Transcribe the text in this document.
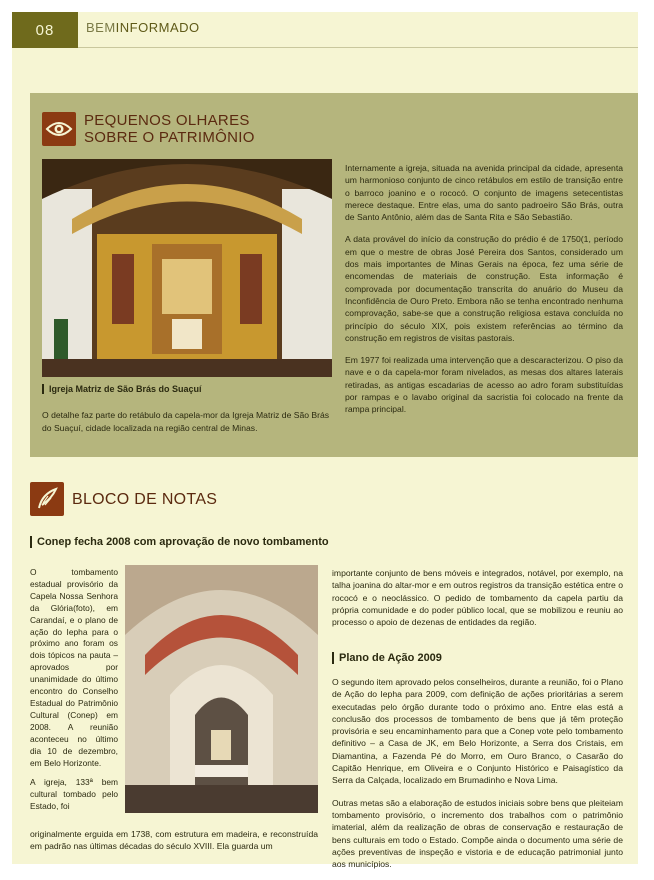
08	BEMINFORMADO
PEQUENOS OLHARES
SOBRE O PATRIMÔNIO
Igreja Matriz de São Brás do Suaçuí
O detalhe faz parte do retábulo da capela-mor da Igreja Matriz de São Brás do Suaçuí, cidade localizada na região central de Minas.

Internamente a igreja, situada na avenida principal da cidade, apresenta um harmonioso conjunto de cinco retábulos em estilo de transição entre o barroco joanino e o rococó. O conjunto de imagens setecentistas merece destaque. Entre elas, uma do santo padroeiro São Brás, outra de Santo Antônio, além das de Santa Rita e São Sebastião.

A data provável do início da construção do prédio é de 1750(1, período em que o mestre de obras José Pereira dos Santos, considerado um dos mais importantes de Minas Gerais na época, fez uma série de encomendas de materiais de construção. Esta informação é comprovada por documentação transcrita do anuário do Museu da Inconfidência de Ouro Preto. Embora não se tenha encontrado nenhuma comprovação, sabe-se que a construção religiosa estava concluída no princípio do século XIX, pois existem referências ao término da construção em registros de visitas pastorais.

Em 1977 foi realizada uma intervenção que a descaracterizou. O piso da nave e o da capela-mor foram nivelados, as mesas dos altares laterais retiradas, as antigas escadarias de acesso ao adro foram substituídas por rampas e o lavabo original da sacristia foi colocado na frente da rampa principal.

BLOCO DE NOTAS
Conep fecha 2008 com aprovação de novo tombamento

O tombamento estadual provisório da Capela Nossa Senhora da Glória(foto), em Carandaí, e o plano de ação do Iepha para o próximo ano foram os dois tópicos na pauta – aprovados por unanimidade do último encontro do Conselho Estadual do Patrimônio Cultural (Conep) em 2008. A reunião aconteceu no último dia 10 de dezembro, em Belo Horizonte.

A igreja, 133ª bem cultural tombado pelo Estado, foi

originalmente erguida em 1738, com estrutura em madeira, e reconstruída em padrão nas últimas décadas do século XVIII. Ela guarda um
importante conjunto de bens móveis e integrados, notável, por exemplo, na talha joanina do altar-mor e em outros registros da transição estética entre o rococó e o neoclássico. O pedido de tombamento da capela partiu da própria comunidade e do poder público local, que se mobilizou e reuniu ao processo o apoio de dezenas de entidades da região.
Plano de Ação 2009

O segundo item aprovado pelos conselheiros, durante a reunião, foi o Plano de Ação do Iepha para 2009, com definição de ações prioritárias a serem executadas pelo órgão durante todo o próximo ano. Entre elas está a conclusão dos processos de tombamento de bens que já têm proteção provisória e seu encaminhamento para que a Conep vote pelo tombamento definitivo – a Casa de JK, em Belo Horizonte, a Serra dos Cristais, em Diamantina, a Fazenda Pé do Morro, em Ouro Branco, o Casarão do Capitão Henrique, em Oliveira e o Conjunto Histórico e Paisagístico da Serra da Calçada, localizado em Brumadinho e Nova Lima.

Outras metas são a elaboração de estudos iniciais sobre bens que pleiteiam tombamento provisório, o incremento dos trabalhos com o patrimônio imaterial, além da realização de obras de conservação e restauração de bens culturais em todo o Estado. Compõe ainda o documento uma série de ações preventivas de inspeção e vistoria e de educação patrimonial junto aos municípios.
